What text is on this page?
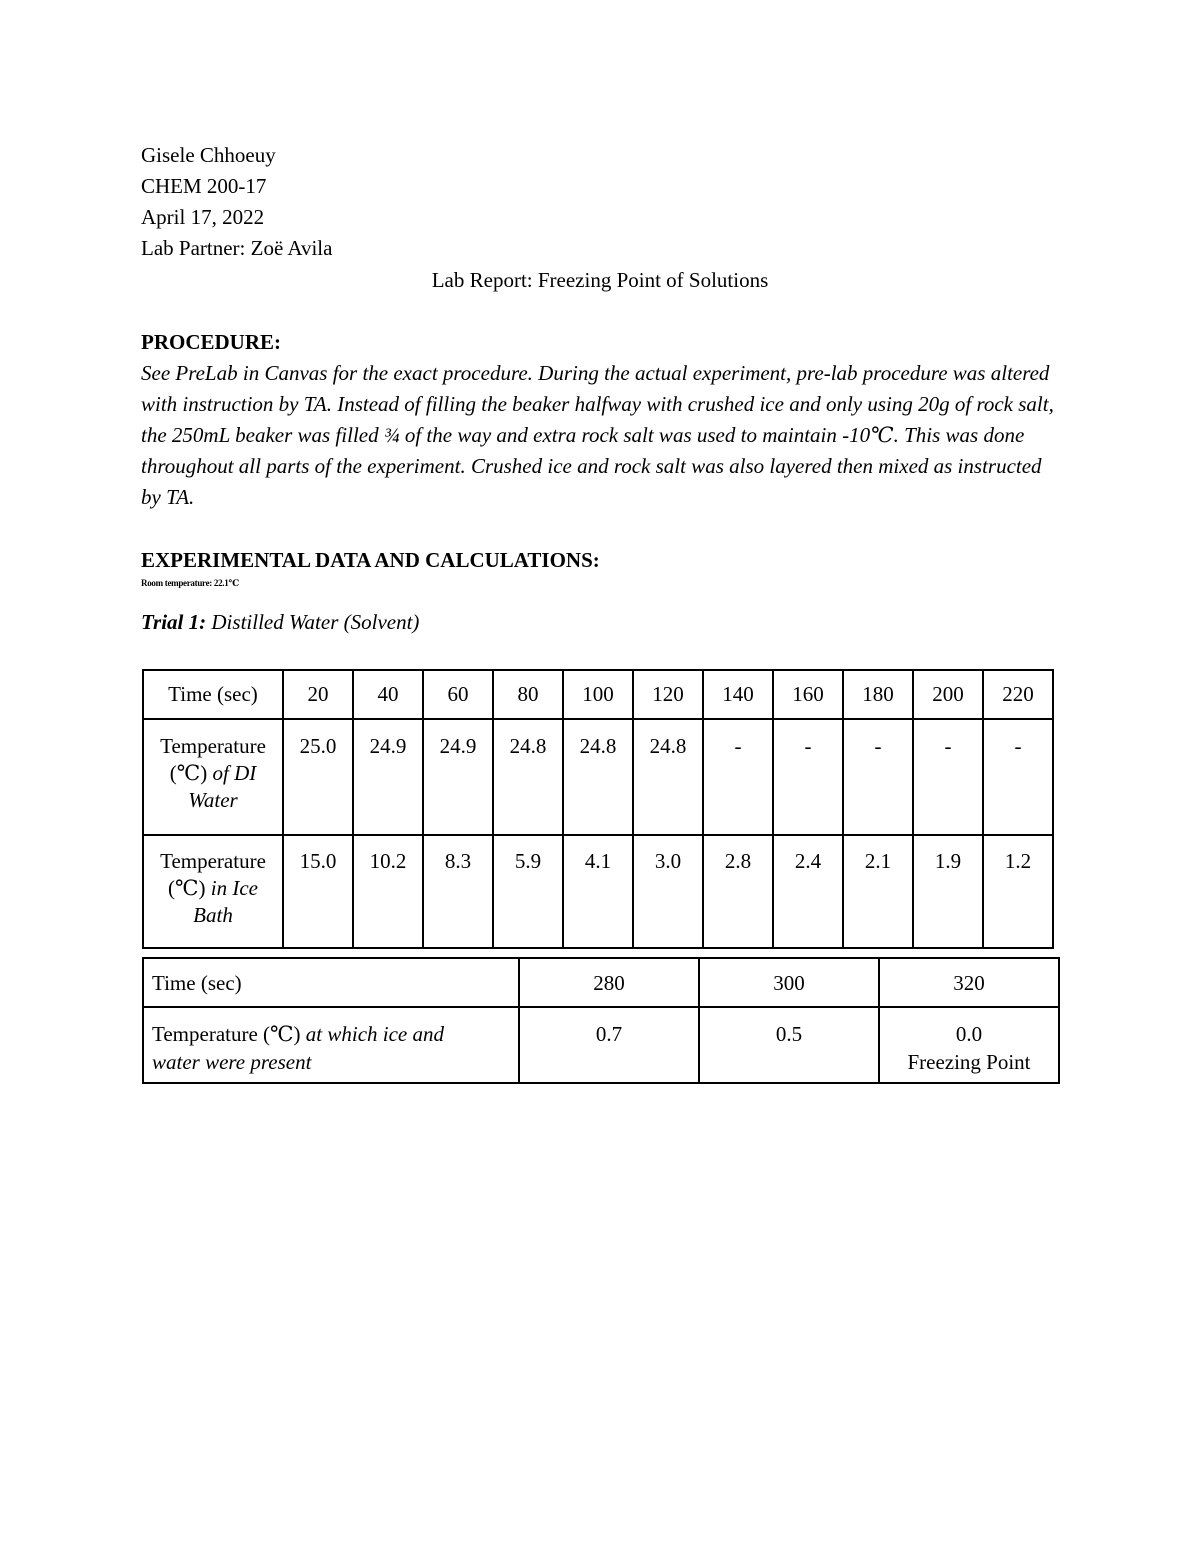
Gisele Chhoeuy
CHEM 200-17
April 17, 2022
Lab Partner: Zoë Avila
Lab Report: Freezing Point of Solutions
PROCEDURE:
See PreLab in Canvas for the exact procedure. During the actual experiment, pre-lab procedure was altered with instruction by TA. Instead of filling the beaker halfway with crushed ice and only using 20g of rock salt, the 250mL beaker was filled ¾ of the way and extra rock salt was used to maintain -10℃. This was done throughout all parts of the experiment. Crushed ice and rock salt was also layered then mixed as instructed by TA.
EXPERIMENTAL DATA AND CALCULATIONS:
Room temperature: 22.1℃
Trial 1: Distilled Water (Solvent)
Time (sec)	20	40	60	80	100	120	140	160	180	200	220
Temperature
(℃) of DI
Water	25.0	24.9	24.9	24.8	24.8	24.8	-	-	-	-	-
Temperature
(℃) in Ice
Bath	15.0	10.2	8.3	5.9	4.1	3.0	2.8	2.4	2.1	1.9	1.2
Time (sec)	280	300	320
Temperature (℃) at which ice and
water were present	0.7	0.5	0.0
Freezing Point
